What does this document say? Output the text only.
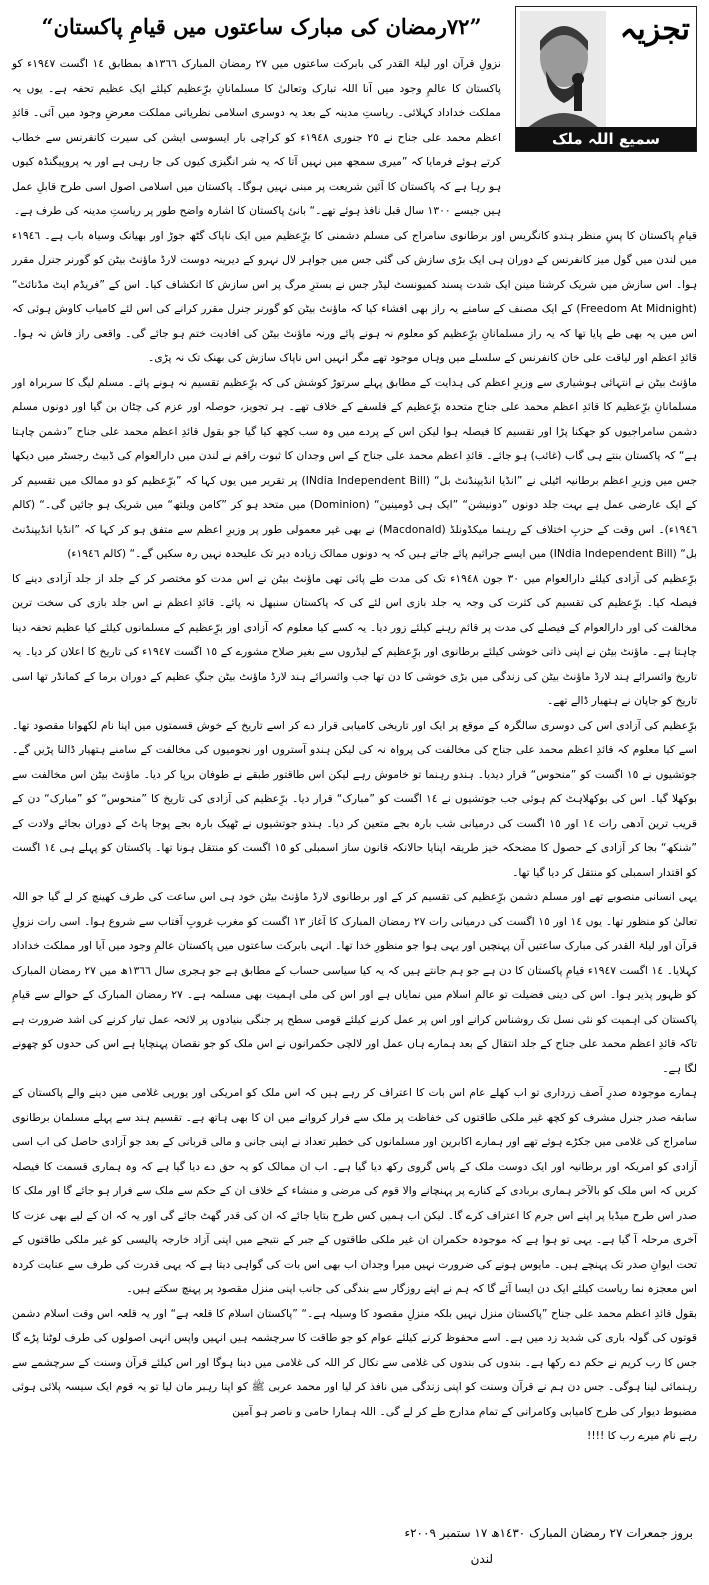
تجزیہ
سمیع اللہ ملک
”٧٢رمضان کی مبارک ساعتوں میں قیامِ پاکستان“

نزولِ قرآن اور لیلۃ القدر کی بابرکت ساعتوں میں ٢٧ رمضان المبارک ١٣٦٦ھ بمطابق ١٤ اگست ١٩٤٧ء کو پاکستان کا عالمِ وجود میں آنا اللہ تبارک وتعالیٰ کا مسلمانانِ برِّعظیم کیلئے ایک عظیم تحفہ ہے۔ یوں یہ مملکت خداداد کہلائی۔ ریاستِ مدینہ کے بعد یہ دوسری اسلامی نظریاتی مملکت معرضِ وجود میں آئی۔ قائدِ اعظم محمد علی جناح نے ٢٥ جنوری ١٩٤٨ء کو کراچی بار ایسوسی ایشن کی سیرت کانفرنس سے خطاب کرتے ہوئے فرمایا کہ ”میری سمجھ میں نہیں آتا کہ یہ شر انگیزی کیوں کی جا رہی ہے اور یہ پروپیگنڈہ کیوں ہو رہا ہے کہ پاکستان کا آئین شریعت پر مبنی نہیں ہوگا۔ پاکستان میں اسلامی اصول اسی طرح قابلِ عمل ہیں جیسے ١٣٠٠ سال قبل نافذ ہوئے تھے۔“ بانیٔ پاکستان کا اشارہ واضح طور پر ریاستِ مدینہ کی طرف ہے۔

قیامِ پاکستان کا پسِ منظر ہندو کانگریس اور برطانوی سامراج کی مسلم دشمنی کا برِّعظیم میں ایک ناپاک گٹھ جوڑ اور بھیانک وسیاہ باب ہے۔ ١٩٤٦ء میں لندن میں گول میز کانفرنس کے دوران ہی ایک بڑی سازش کی گئی جس میں جواہر لال نہرو کے دیرینہ دوست لارڈ ماؤنٹ بیٹن کو گورنر جنرل مقرر ہوا۔ اس سازش میں شریک کرشنا مینن ایک شدت پسند کمیونسٹ لیڈر جس نے بسترِ مرگ پر اس سازش کا انکشاف کیا۔ اس کے ”فریڈم ایٹ مڈنائٹ“ (Freedom At Midnight) کے ایک مصنف کے سامنے یہ راز بھی افشاء کیا کہ ماؤنٹ بیٹن کو گورنر جنرل مقرر کرانے کی اس لئے کامیاب کاوش ہوئی کہ اس میں یہ بھی طے پایا تھا کہ یہ راز مسلمانانِ برِّعظیم کو معلوم نہ ہونے پائے ورنہ ماؤنٹ بیٹن کی افادیت ختم ہو جائے گی۔ واقعی راز فاش نہ ہوا۔ قائدِ اعظم اور لیاقت علی خان کانفرنس کے سلسلے میں وہاں موجود تھے مگر انہیں اس ناپاک سازش کی بھنک تک نہ پڑی۔

ماؤنٹ بیٹن نے انتہائی ہوشیاری سے وزیرِ اعظم کی ہدایت کے مطابق پہلے سرتوڑ کوشش کی کہ برِّعظیم تقسیم نہ ہونے پائے۔ مسلم لیگ کا سربراہ اور مسلمانانِ برِّعظیم کا قائدِ اعظم محمد علی جناح متحدہ برِّعظیم کے فلسفے کے خلاف تھے۔ ہر تجویز، حوصلہ اور عزم کی چٹان بن گیا اور دونوں مسلم دشمن سامراجیوں کو جھکنا پڑا اور تقسیم کا فیصلہ ہوا لیکن اس کے پردے میں وہ سب کچھ کیا گیا جو بقول قائدِ اعظم محمد علی جناح ”دشمن چاہتا ہے“ کہ پاکستان بنتے ہی گاب (غائب) ہو جائے۔ قائدِ اعظم محمد علی جناح کے اس وجدان کا ثبوت راقم نے لندن میں دارالعوام کی ڈبیٹ رجسٹر میں دیکھا جس میں وزیرِ اعظم برطانیہ اٹیلی نے ”انڈیا انڈیپنڈنٹ بل“ (INdia Independent Bill) پر تقریر میں یوں کہا کہ ”برِّعظیم کو دو ممالک میں تقسیم کر کے ایک عارضی عمل ہے بہت جلد دونوں ”دونیشن“ ”ایک ہی ڈومینین“ (Dominion) میں متحد ہو کر ”کامن ویلتھ“ میں شریک ہو جائیں گی۔“ (کالم ١٩٤٦ء)۔ اس وقت کے حزبِ اختلاف کے رہنما میکڈونلڈ (Macdonald) نے بھی غیر معمولی طور پر وزیرِ اعظم سے متفق ہو کر کہا کہ ”انڈیا انڈیپنڈنٹ بل“ (INdia Independent Bill) میں ایسے جراثیم پائے جاتے ہیں کہ یہ دونوں ممالک زیادہ دیر تک علیحدہ نہیں رہ سکیں گے۔“ (کالم ١٩٤٦ء)

برِّعظیم کی آزادی کیلئے دارالعوام میں ٣٠ جون ١٩٤٨ء تک کی مدت طے پائی تھی ماؤنٹ بیٹن نے اس مدت کو مختصر کر کے جلد از جلد آزادی دینے کا فیصلہ کیا۔ برِّعظیم کی تقسیم کی کثرت کی وجہ یہ جلد بازی اس لئے کی کہ پاکستان سنبھل نہ پائے۔ قائدِ اعظم نے اس جلد بازی کی سخت ترین مخالفت کی اور دارالعوام کے فیصلے کی مدت پر قائم رہنے کیلئے زور دیا۔ یہ کسے کیا معلوم کہ آزادی اور برِّعظیم کے مسلمانوں کیلئے کیا عظیم تحفہ دینا چاہتا ہے۔ ماؤنٹ بیٹن نے اپنی ذاتی خوشی کیلئے برطانوی اور برِّعظیم کے لیڈروں سے بغیر صلاح مشورے کے ١٥ اگست ١٩٤٧ء کی تاریخ کا اعلان کر دیا۔ یہ تاریخ وائسرائے ہند لارڈ ماؤنٹ بیٹن کی زندگی میں بڑی خوشی کا دن تھا جب وائسرائے ہند لارڈ ماؤنٹ بیٹن جنگِ عظیم کے دوران برما کے کمانڈر تھا اسی تاریخ کو جاپان نے ہتھیار ڈالے تھے۔

برِّعظیم کی آزادی اس کی دوسری سالگرہ کے موقع پر ایک اور تاریخی کامیابی قرار دے کر اسے تاریخ کے خوش قسمتوں میں اپنا نام لکھوانا مقصود تھا۔ اسے کیا معلوم کہ قائدِ اعظم محمد علی جناح کی مخالفت کی پرواہ نہ کی لیکن ہندو آستروں اور نجومیوں کی مخالفت کے سامنے ہتھیار ڈالنا پڑیں گے۔ جوتشیوں نے ١٥ اگست کو ”منحوس“ قرار دیدیا۔ ہندو رہنما تو خاموش رہے لیکن اس طاقتور طبقے نے طوفان برپا کر دیا۔ ماؤنٹ بیٹن اس مخالفت سے بوکھلا گیا۔ اس کی بوکھلاہٹ کم ہوئی جب جوتشیوں نے ١٤ اگست کو ”مبارک“ قرار دیا۔ برِّعظیم کی آزادی کی تاریخ کا ”منحوس“ کو ”مبارک“ دن کے قریب ترین آدھی رات ١٤ اور ١٥ اگست کی درمیانی شب بارہ بجے متعین کر دیا۔ ہندو جوتشیوں نے ٹھیک بارہ بجے پوجا پاٹ کے دوران بجائے ولادت کے ”شنکھ“ بجا کر آزادی کے حصول کا مضحکہ خیز طریقہ اپنایا حالانکہ قانون ساز اسمبلی کو ١٥ اگست کو منتقل ہونا تھا۔ پاکستان کو پہلے ہی ١٤ اگست کو اقتدار اسمبلی کو منتقل کر دیا گیا تھا۔

یہی انسانی منصوبے تھے اور مسلم دشمن برِّعظیم کی تقسیم کر کے اور برطانوی لارڈ ماؤنٹ بیٹن خود ہی اس ساعت کی طرف کھینچ کر لے گیا جو اللہ تعالیٰ کو منظور تھا۔ یوں ١٤ اور ١٥ اگست کی درمیانی رات ٢٧ رمضان المبارک کا آغاز ١٣ اگست کو مغرب غروبِ آفتاب سے شروع ہوا۔ اسی رات نزولِ قرآن اور لیلۃ القدر کی مبارک ساعتیں آن پہنچیں اور یہی ہوا جو منظورِ خدا تھا۔ انہی بابرکت ساعتوں میں پاکستان عالمِ وجود میں آیا اور مملکت خداداد کہلایا۔ ١٤ اگست ١٩٤٧ء قیامِ پاکستان کا دن ہے جو ہم جانتے ہیں کہ یہ کیا سیاسی حساب کے مطابق ہے جو ہجری سال ١٣٦٦ھ میں ٢٧ رمضان المبارک کو ظہور پذیر ہوا۔ اس کی دینی فضیلت تو عالمِ اسلام میں نمایاں ہے اور اس کی ملی اہمیت بھی مسلمہ ہے۔ ٢٧ رمضان المبارک کے حوالے سے قیامِ پاکستان کی اہمیت کو نئی نسل تک روشناس کرانے اور اس پر عمل کرنے کیلئے قومی سطح پر جنگی بنیادوں پر لائحہ عمل تیار کرنے کی اشد ضرورت ہے تاکہ قائدِ اعظم محمد علی جناح کے جلد انتقال کے بعد ہمارے ہاں عمل اور لالچی حکمرانوں نے اس ملک کو جو نقصان پہنچایا ہے اس کی حدوں کو چھونے لگا ہے۔

ہمارے موجودہ صدرِ آصف زرداری تو اب کھلے عام اس بات کا اعتراف کر رہے ہیں کہ اس ملک کو امریکی اور یورپی غلامی میں دینے والے پاکستان کے سابقہ صدر جنرل مشرف کو کچھ غیر ملکی طاقتوں کی خفاظت پر ملک سے فرار کروانے میں ان کا بھی ہاتھ ہے۔ تقسیم ہند سے پہلے مسلمان برطانوی سامراج کی غلامی میں جکڑے ہوئے تھے اور ہمارے اکابرین اور مسلمانوں کی خطیر تعداد نے اپنی جانی و مالی قربانی کے بعد جو آزادی حاصل کی اب اسی آزادی کو امریکہ اور برطانیہ اور ایک دوست ملک کے پاس گروی رکھ دیا گیا ہے۔ اب ان ممالک کو یہ حق دے دیا گیا ہے کہ وہ ہماری قسمت کا فیصلہ کریں کہ اس ملک کو بالآخر ہماری بربادی کے کنارے پر پہنچانے والا قوم کی مرضی و منشاء کے خلاف ان کے حکم سے ملک سے فرار ہو جائے گا اور ملک کا صدر اس طرح میڈیا پر اپنے اس جرم کا اعتراف کرے گا۔ لیکن اب ہمیں کس طرح بتایا جائے کہ ان کی قدر گھٹ جائے گی اور یہ کہ ان کے لیے بھی عزت کا آخری مرحلہ آ گیا ہے۔ یہی تو ہوا ہے کہ موجودہ حکمران ان غیر ملکی طاقتوں کے جبر کے نتیجے میں اپنی آزاد خارجہ پالیسی کو غیر ملکی طاقتوں کے تحت ایوانِ صدر تک پہنچے ہیں۔ مایوس ہونے کی ضرورت نہیں میرا وجدان اب بھی اس بات کی گواہی دیتا ہے کہ یہی قدرت کی طرف سے عنایت کردہ اس معجزہ نما ریاست کیلئے ایک دن ایسا آئے گا کہ ہم نے اپنے روزگار سے بندگی کی جانب اپنی منزل مقصود پر پہنچ سکتے ہیں۔

بقول قائدِ اعظم محمد علی جناح ”پاکستان منزل نہیں بلکہ منزلِ مقصود کا وسیلہ ہے۔“ ”پاکستان اسلام کا قلعہ ہے“ اور یہ قلعہ اس وقت اسلام دشمن قوتوں کی گولہ باری کی شدید زد میں ہے۔ اسے محفوظ کرنے کیلئے عوام کو جو طاقت کا سرچشمہ ہیں انہیں واپس انہی اصولوں کی طرف لوٹنا پڑے گا جس کا رب کریم نے حکم دے رکھا ہے۔ بندوں کی بندوں کی غلامی سے نکال کر اللہ کی غلامی میں دینا ہوگا اور اس کیلئے قرآن وسنت کے سرچشمے سے رہنمائی لینا ہوگی۔ جس دن ہم نے قرآن وسنت کو اپنی زندگی میں نافذ کر لیا اور محمد عربی ﷺ کو اپنا رہبر مان لیا تو یہ قوم ایک سیسہ پلائی ہوئی مضبوط دیوار کی طرح کامیابی وکامرانی کے تمام مدارج طے کر لے گی۔ اللہ ہمارا حامی و ناصر ہو آمین

رہے نام میرے رب کا !!!!

بروز جمعرات ٢٧ رمضان المبارک ١٤٣٠ھ ١٧ ستمبر ٢٠٠٩ء
لندن
